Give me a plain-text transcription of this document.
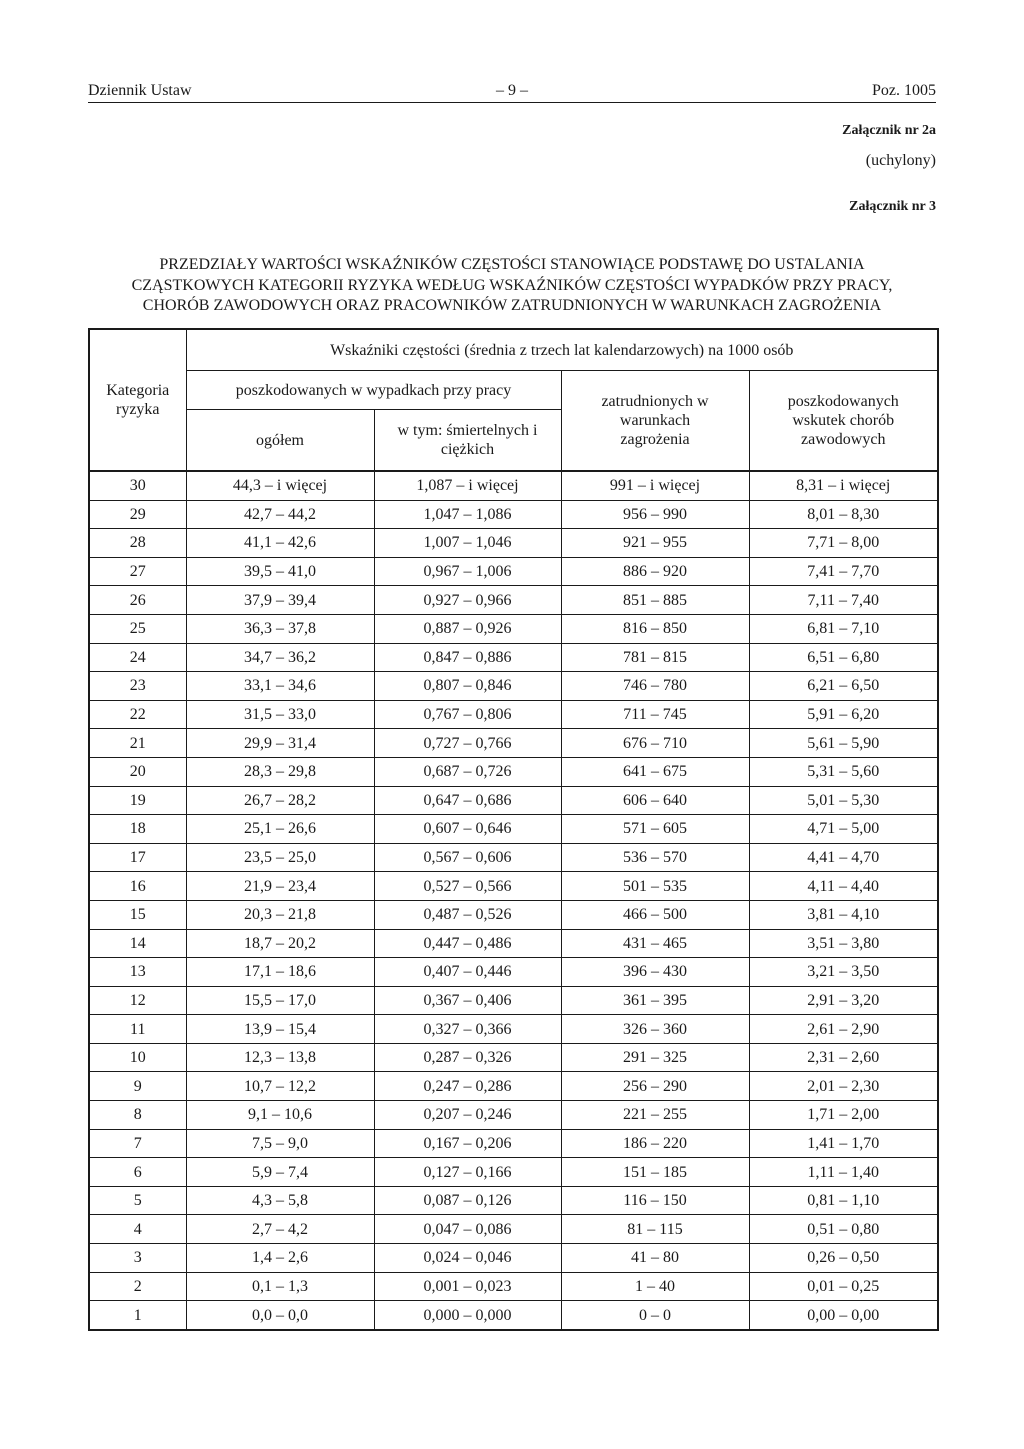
Dziennik Ustaw	– 9 –	Poz. 1005
Załącznik nr 2a
(uchylony)
Załącznik nr 3
PRZEDZIAŁY WARTOŚCI WSKAŹNIKÓW CZĘSTOŚCI STANOWIĄCE PODSTAWĘ DO USTALANIA
CZĄSTKOWYCH KATEGORII RYZYKA WEDŁUG WSKAŹNIKÓW CZĘSTOŚCI WYPADKÓW PRZY PRACY,
CHORÓB ZAWODOWYCH ORAZ PRACOWNIKÓW ZATRUDNIONYCH W WARUNKACH ZAGROŻENIA
Kategoria ryzyka	Wskaźniki częstości (średnia z trzech lat kalendarzowych) na 1000 osób			
	poszkodowanych w wypadkach przy pracy		zatrudnionych w warunkach zagrożenia	poszkodowanych wskutek chorób zawodowych
	ogółem	w tym: śmiertelnych i ciężkich		
30	44,3 – i więcej	1,087 – i więcej	991 – i więcej	8,31 – i więcej
29	42,7 – 44,2	1,047 – 1,086	956 – 990	8,01 – 8,30
28	41,1 – 42,6	1,007 – 1,046	921 – 955	7,71 – 8,00
27	39,5 – 41,0	0,967 – 1,006	886 – 920	7,41 – 7,70
26	37,9 – 39,4	0,927 – 0,966	851 – 885	7,11 – 7,40
25	36,3 – 37,8	0,887 – 0,926	816 – 850	6,81 – 7,10
24	34,7 – 36,2	0,847 – 0,886	781 – 815	6,51 – 6,80
23	33,1 – 34,6	0,807 – 0,846	746 – 780	6,21 – 6,50
22	31,5 – 33,0	0,767 – 0,806	711 – 745	5,91 – 6,20
21	29,9 – 31,4	0,727 – 0,766	676 – 710	5,61 – 5,90
20	28,3 – 29,8	0,687 – 0,726	641 – 675	5,31 – 5,60
19	26,7 – 28,2	0,647 – 0,686	606 – 640	5,01 – 5,30
18	25,1 – 26,6	0,607 – 0,646	571 – 605	4,71 – 5,00
17	23,5 – 25,0	0,567 – 0,606	536 – 570	4,41 – 4,70
16	21,9 – 23,4	0,527 – 0,566	501 – 535	4,11 – 4,40
15	20,3 – 21,8	0,487 – 0,526	466 – 500	3,81 – 4,10
14	18,7 – 20,2	0,447 – 0,486	431 – 465	3,51 – 3,80
13	17,1 – 18,6	0,407 – 0,446	396 – 430	3,21 – 3,50
12	15,5 – 17,0	0,367 – 0,406	361 – 395	2,91 – 3,20
11	13,9 – 15,4	0,327 – 0,366	326 – 360	2,61 – 2,90
10	12,3 – 13,8	0,287 – 0,326	291 – 325	2,31 – 2,60
9	10,7 – 12,2	0,247 – 0,286	256 – 290	2,01 – 2,30
8	9,1 – 10,6	0,207 – 0,246	221 – 255	1,71 – 2,00
7	7,5 – 9,0	0,167 – 0,206	186 – 220	1,41 – 1,70
6	5,9 – 7,4	0,127 – 0,166	151 – 185	1,11 – 1,40
5	4,3 – 5,8	0,087 – 0,126	116 – 150	0,81 – 1,10
4	2,7 – 4,2	0,047 – 0,086	81 – 115	0,51 – 0,80
3	1,4 – 2,6	0,024 – 0,046	41 – 80	0,26 – 0,50
2	0,1 – 1,3	0,001 – 0,023	1 – 40	0,01 – 0,25
1	0,0 – 0,0	0,000 – 0,000	0 – 0	0,00 – 0,00
